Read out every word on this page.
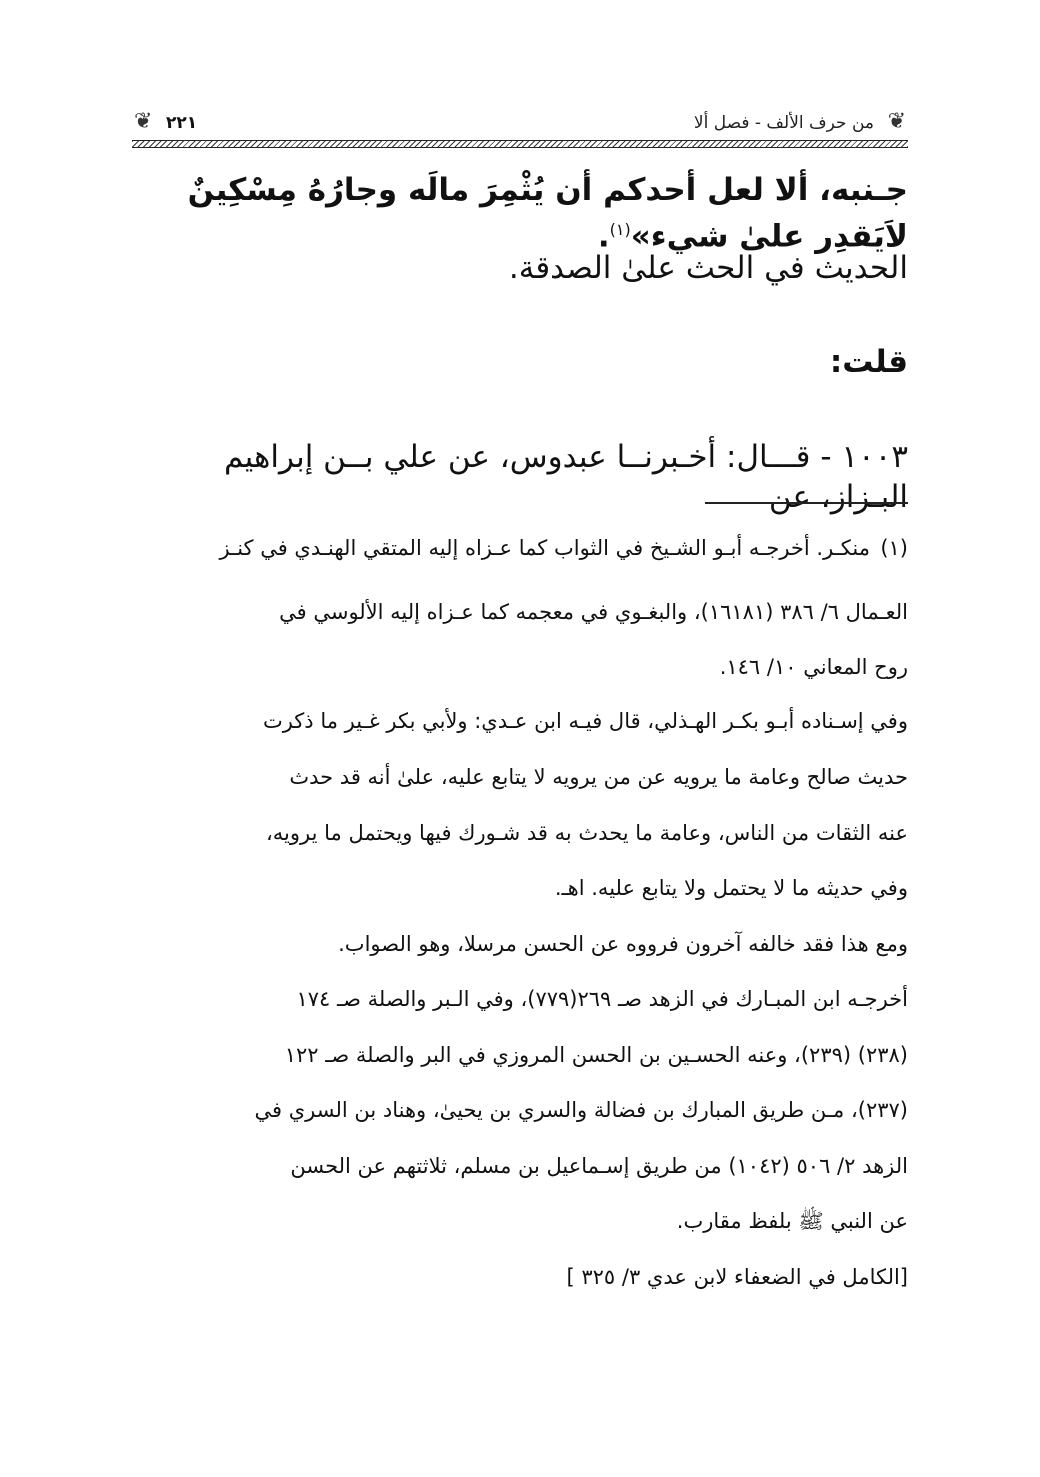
❦
من حرف الألف - فصل ألا
٢٢١
❦
جـنبه، ألا لعل أحدكم أن يُثْمِرَ مالَه وجارُهُ مِسْكِينٌ لاَيَقدِر علىٰ شيء»$^{(١)}$.
الحديث في الحث علىٰ الصدقة.
قلت:
١٠٠٣ - قـــال: أخـبرنــا عبدوس، عن علي بــن إبراهيم البـزاز، عن
(١)
منكـر. أخرجـه أبـو الشـيخ في الثواب كما عـزاه إليه المتقي الهنـدي في كنـز
العـمال ٦/ ٣٨٦ (١٦١٨١)، والبغـوي في معجمه كما عـزاه إليه الألوسي في
روح المعاني ١٠/ ١٤٦.
وفي إسـناده أبـو بكـر الهـذلي، قال فيـه ابن عـدي: ولأبي بكر غـير ما ذكرت
حديث صالح وعامة ما يرويه عن من يرويه لا يتابع عليه، علىٰ أنه قد حدث
عنه الثقات من الناس، وعامة ما يحدث به قد شـورك فيها ويحتمل ما يرويه،
وفي حديثه ما لا يحتمل ولا يتابع عليه. اهـ.
ومع هذا فقد خالفه آخرون فرووه عن الحسن مرسلا، وهو الصواب.
أخرجـه ابن المبـارك في الزهد صـ ٢٦٩(٧٧٩)، وفي الـبر والصلة صـ ١٧٤
(٢٣٨) (٢٣٩)، وعنه الحسـين بن الحسن المروزي في البر والصلة صـ ١٢٢
(٢٣٧)، مـن طريق المبارك بن فضالة والسري بن يحيىٰ، وهناد بن السري في
الزهد ٢/ ٥٠٦ (١٠٤٢) من طريق إسـماعيل بن مسلم، ثلاثتهم عن الحسن
عن النبي ﷺ بلفظ مقارب.
[الكامل في الضعفاء لابن عدي ٣/ ٣٢٥ ]
